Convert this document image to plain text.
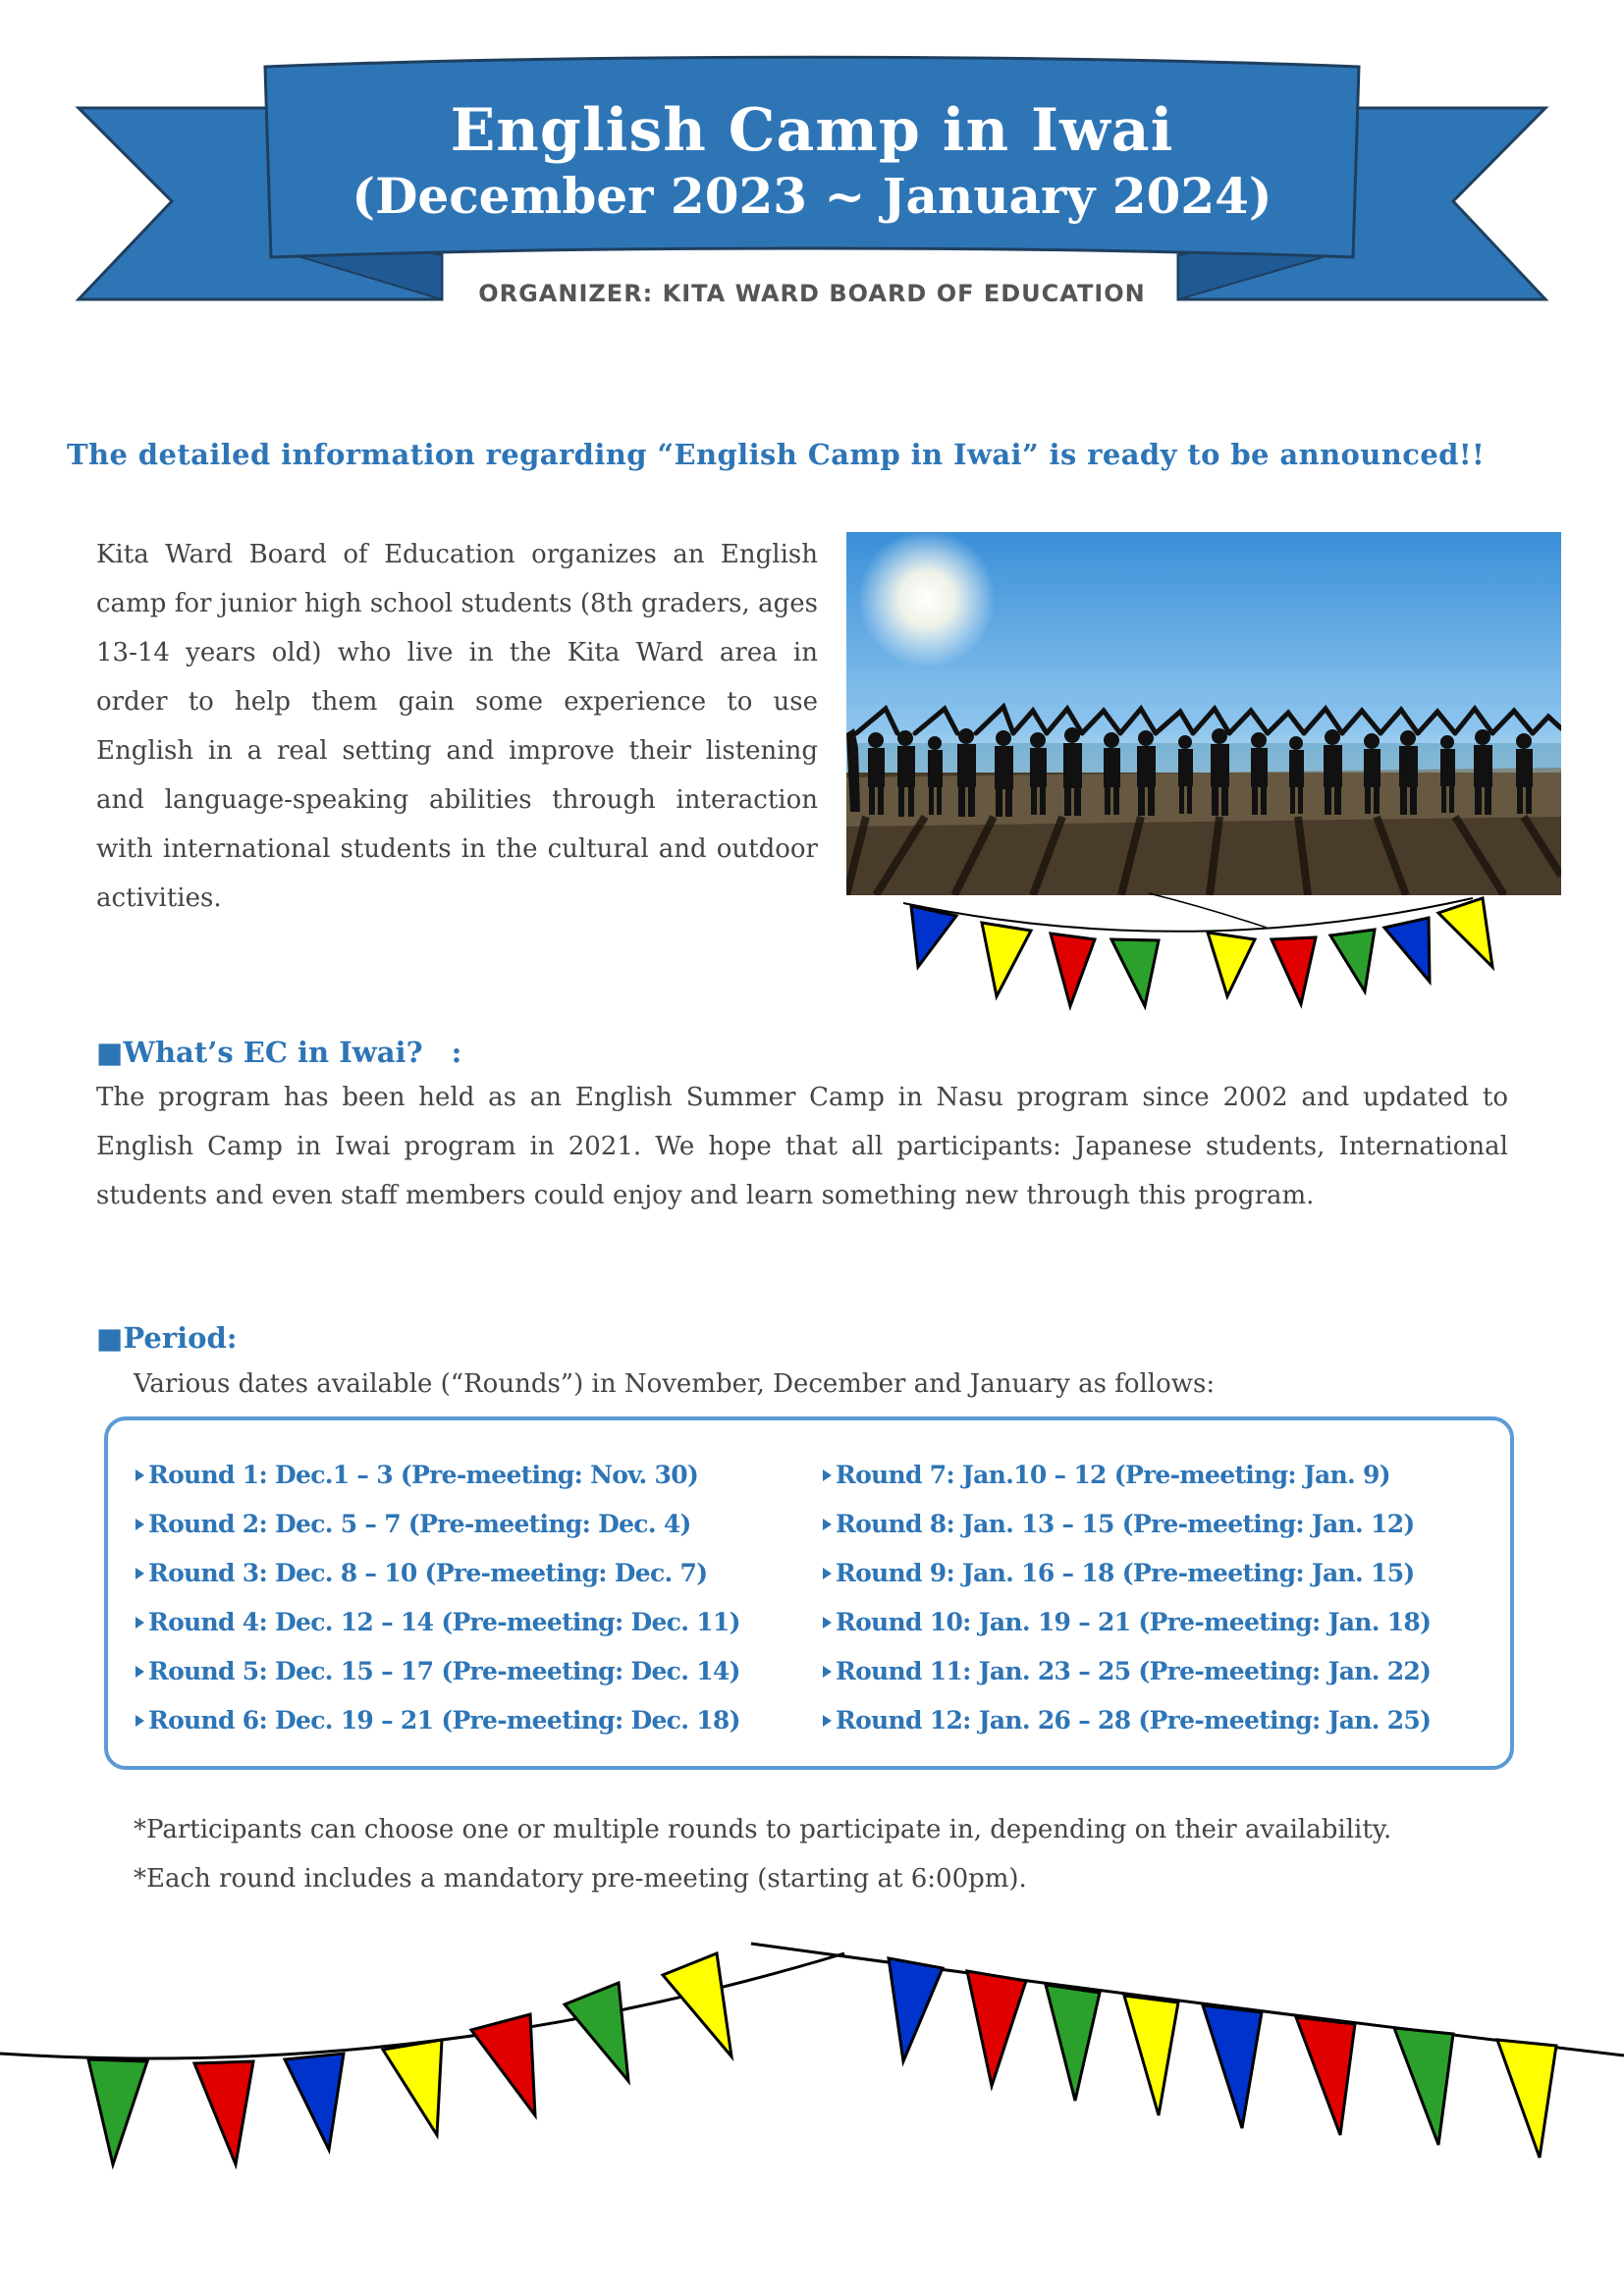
English Camp in Iwai
(December 2023 ~ January 2024)
ORGANIZER: KITA WARD BOARD OF EDUCATION
The detailed information regarding “English Camp in Iwai” is ready to be announced!!
Kita Ward Board of Education organizes an English camp for junior high school students (8th graders, ages 13-14 years old) who live in the Kita Ward area in order to help them gain some experience to use English in a real setting and improve their listening and language-speaking abilities through interaction with international students in the cultural and outdoor activities.
■What’s EC in Iwai?　:
The program has been held as an English Summer Camp in Nasu program since 2002 and updated to English Camp in Iwai program in 2021. We hope that all participants: Japanese students, International students and even staff members could enjoy and learn something new through this program.
■Period:
Various dates available (“Rounds”) in November, December and January as follows:
Round 1: Dec.1 – 3 (Pre-meeting: Nov. 30)
Round 2: Dec. 5 – 7 (Pre-meeting: Dec. 4)
Round 3: Dec. 8 – 10 (Pre-meeting: Dec. 7)
Round 4: Dec. 12 – 14 (Pre-meeting: Dec. 11)
Round 5: Dec. 15 – 17 (Pre-meeting: Dec. 14)
Round 6: Dec. 19 – 21 (Pre-meeting: Dec. 18)
Round 7: Jan.10 – 12 (Pre-meeting: Jan. 9)
Round 8: Jan. 13 – 15 (Pre-meeting: Jan. 12)
Round 9: Jan. 16 – 18 (Pre-meeting: Jan. 15)
Round 10: Jan. 19 – 21 (Pre-meeting: Jan. 18)
Round 11: Jan. 23 – 25 (Pre-meeting: Jan. 22)
Round 12: Jan. 26 – 28 (Pre-meeting: Jan. 25)
*Participants can choose one or multiple rounds to participate in, depending on their availability.
*Each round includes a mandatory pre-meeting (starting at 6:00pm).
